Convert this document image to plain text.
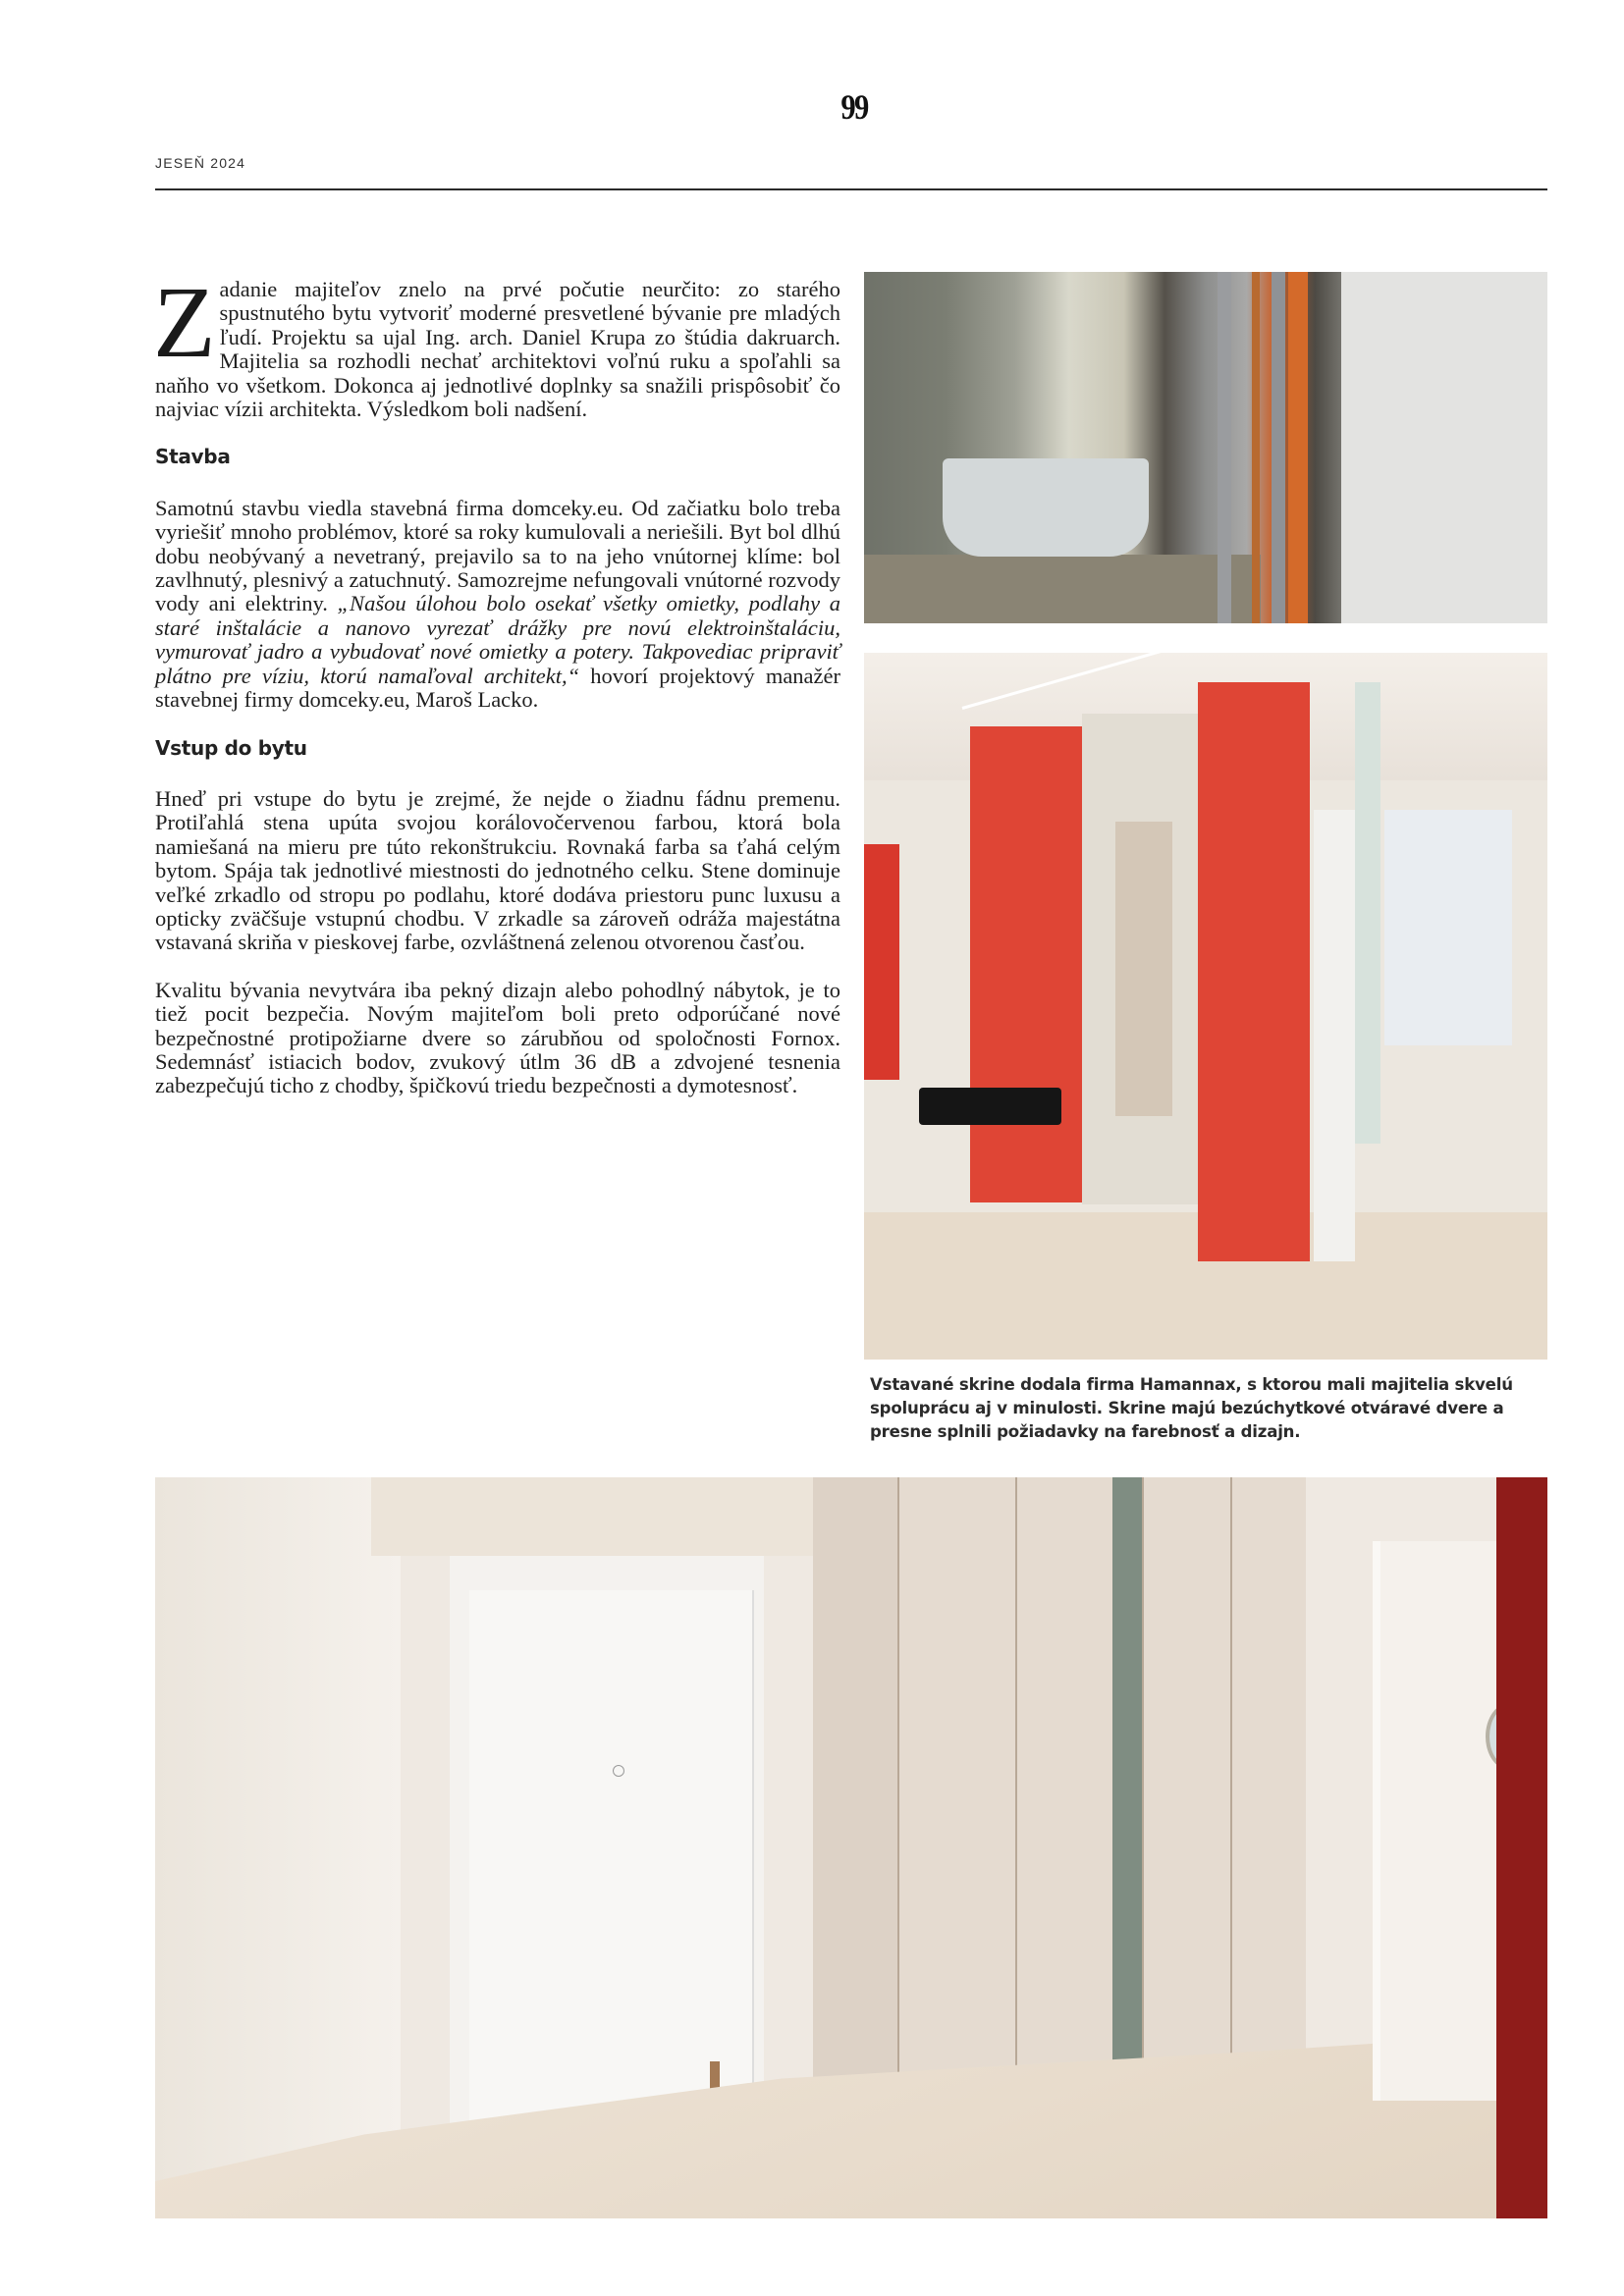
99
JESEŇ 2024

Zadanie majiteľov znelo na prvé počutie neurčito: zo starého spustnutého bytu vytvoriť moderné presvetlené bývanie pre mladých ľudí. Projektu sa ujal Ing. arch. Daniel Krupa zo štúdia dakruarch. Majitelia sa rozhodli nechať architektovi voľnú ruku a spoľahli sa naňho vo všetkom. Dokonca aj jednotlivé doplnky sa snažili prispôsobiť čo najviac vízii architekta. Výsledkom boli nadšení.

Stavba

Samotnú stavbu viedla stavebná firma domceky.eu. Od začiatku bolo treba vyriešiť mnoho problémov, ktoré sa roky kumulovali a neriešili. Byt bol dlhú dobu neobývaný a nevetraný, prejavilo sa to na jeho vnútornej klíme: bol zavlhnutý, plesnivý a zatuchnutý. Samozrejme nefungovali vnútorné rozvody vody ani elektriny. „Našou úlohou bolo osekať všetky omietky, podlahy a staré inštalácie a nanovo vyrezať drážky pre novú elektroinštaláciu, vymurovať jadro a vybudovať nové omietky a potery. Takpovediac pripraviť plátno pre víziu, ktorú namaľoval architekt,“ hovorí projektový manažér stavebnej firmy domceky.eu, Maroš Lacko.

Vstup do bytu

Hneď pri vstupe do bytu je zrejmé, že nejde o žiadnu fádnu premenu. Protiľahlá stena upúta svojou korálovočervenou farbou, ktorá bola namiešaná na mieru pre túto rekonštrukciu. Rovnaká farba sa ťahá celým bytom. Spája tak jednotlivé miestnosti do jednotného celku. Stene dominuje veľké zrkadlo od stropu po podlahu, ktoré dodáva priestoru punc luxusu a opticky zväčšuje vstupnú chodbu. V zrkadle sa zároveň odráža majestátna vstavaná skriňa v pieskovej farbe, ozvláštnená zelenou otvorenou časťou.

Kvalitu bývania nevytvára iba pekný dizajn alebo pohodlný nábytok, je to tiež pocit bezpečia. Novým majiteľom boli preto odporúčané nové bezpečnostné protipožiarne dvere so zárubňou od spoločnosti Fornox. Sedemnásť istiacich bodov, zvukový útlm 36 dB a zdvojené tesnenia zabezpečujú ticho z chodby, špičkovú triedu bezpečnosti a dymotesnosť.

Vstavané skrine dodala firma Hamannax, s ktorou mali majitelia skvelú spoluprácu aj v minulosti. Skrine majú bezúchytkové otváravé dvere a presne splnili požiadavky na farebnosť a dizajn.
